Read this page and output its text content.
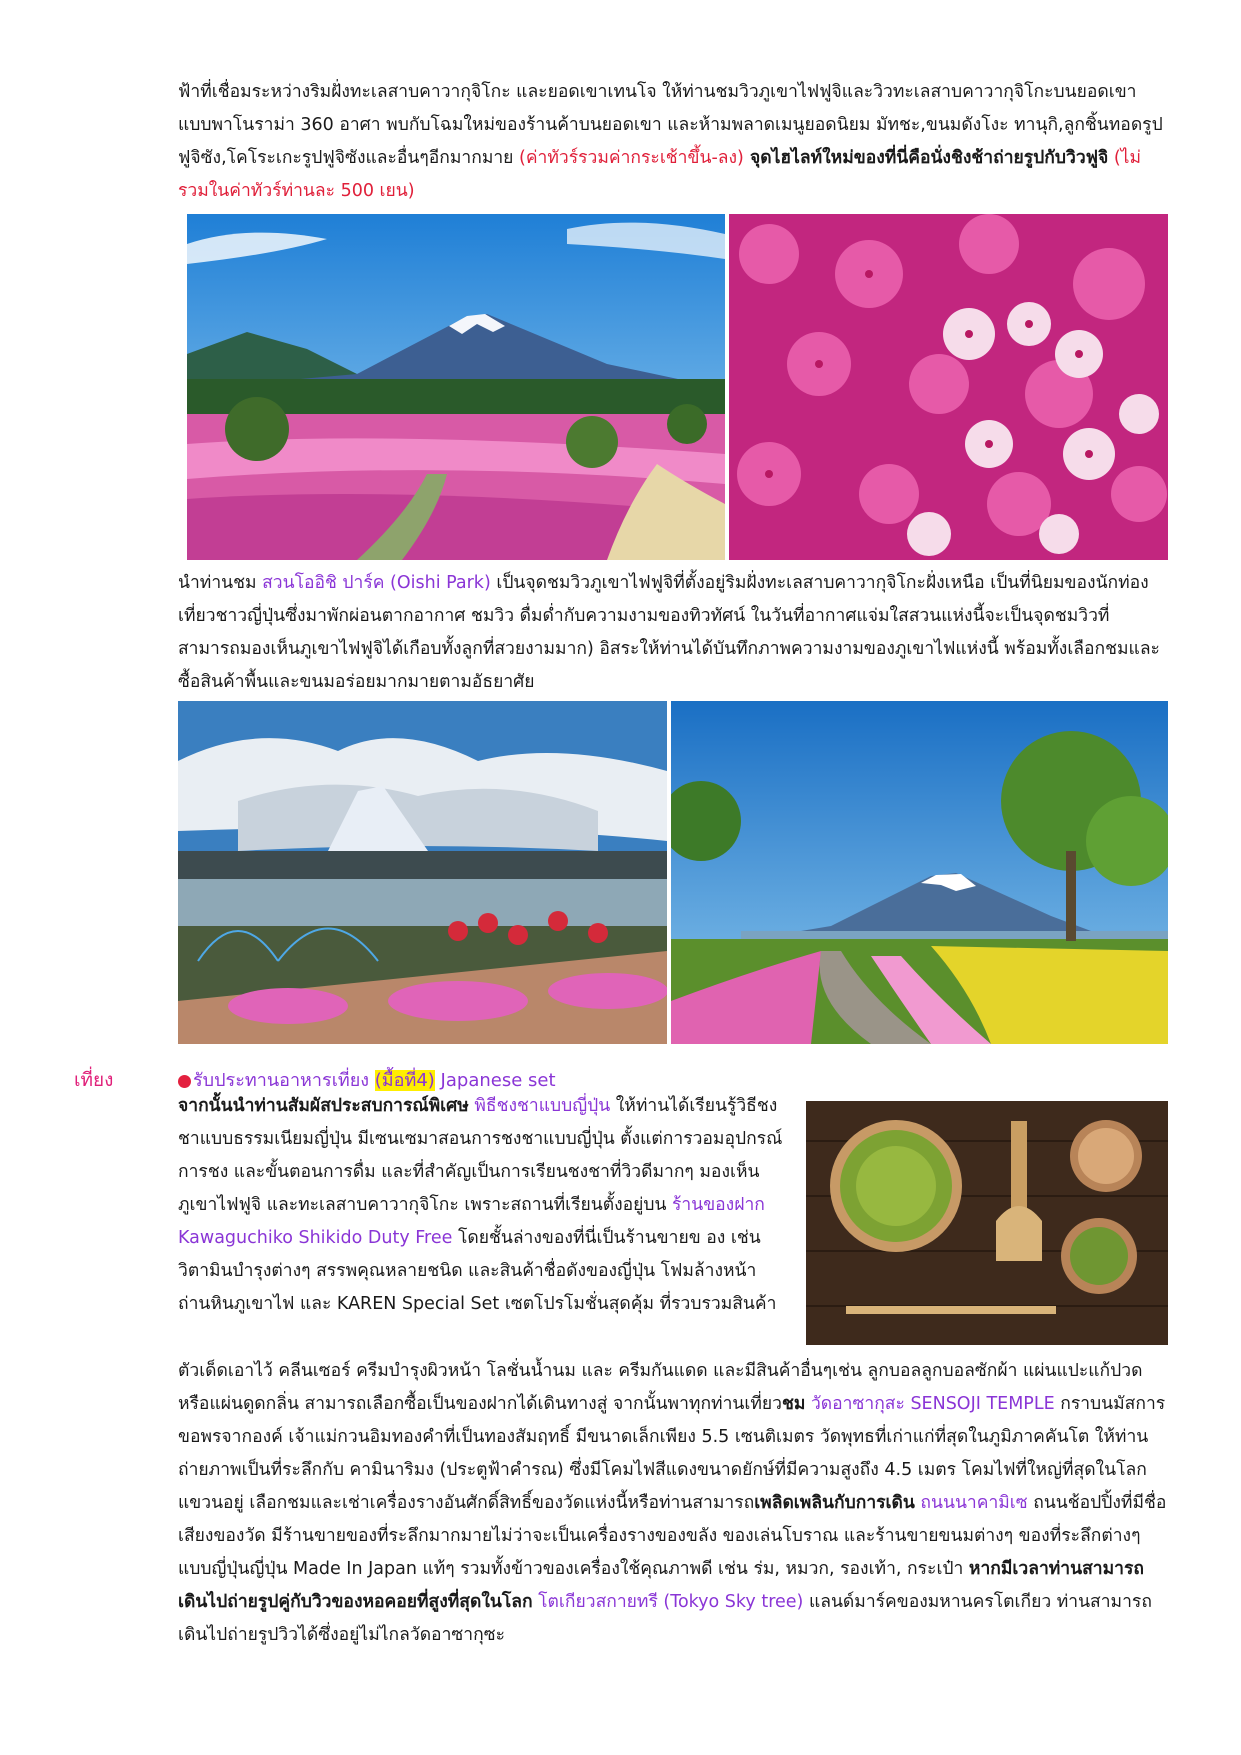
ฟ้าที่เชื่อมระหว่างริมฝั่งทะเลสาบคาวากุจิโกะ และยอดเขาเทนโจ ให้ท่านชมวิวภูเขาไฟฟูจิและวิวทะเลสาบคาวากุจิโกะบนยอดเขาแบบพาโนราม่า 360 อาศา พบกับโฉมใหม่ของร้านค้าบนยอดเขา และห้ามพลาดเมนูยอดนิยม มัทชะ,ขนมดังโงะ ทานุกิ,ลูกชิ้นทอดรูปฟูจิซัง,โคโระเกะรูปฟูจิซังและอื่นๆอีกมากมาย (ค่าทัวร์รวมค่ากระเช้าขึ้น-ลง) จุดไฮไลท์ใหม่ของที่นี่คือนั่งชิงช้าถ่ายรูปกับวิวฟูจิ (ไม่รวมในค่าทัวร์ท่านละ 500 เยน)

นำท่านชม สวนโออิชิ ปาร์ค (Oishi Park) เป็นจุดชมวิวภูเขาไฟฟูจิที่ตั้งอยู่ริมฝั่งทะเลสาบคาวากุจิโกะฝั่งเหนือ เป็นที่นิยมของนักท่องเที่ยวชาวญี่ปุ่นซึ่งมาพักผ่อนตากอากาศ ชมวิว ดื่มด่ำกับความงามของทิวทัศน์ ในวันที่อากาศแจ่มใสสวนแห่งนี้จะเป็นจุดชมวิวที่สามารถมองเห็นภูเขาไฟฟูจิได้เกือบทั้งลูกที่สวยงามมาก) อิสระให้ท่านได้บันทึกภาพความงามของภูเขาไฟแห่งนี้ พร้อมทั้งเลือกชมและซื้อสินค้าพื้นและขนมอร่อยมากมายตามอัธยาศัย

เที่ยง	รับประทานอาหารเที่ยง (มื้อที่4) Japanese set

จากนั้นนำท่านสัมผัสประสบการณ์พิเศษ พิธีชงชาแบบญี่ปุ่น ให้ท่านได้เรียนรู้วิธีชงชาแบบธรรมเนียมญี่ปุ่น มีเซนเซมาสอนการชงชาแบบญี่ปุ่น ตั้งแต่การวอมอุปกรณ์ การชง และขั้นตอนการดื่ม และที่สำคัญเป็นการเรียนชงชาที่วิวดีมากๆ มองเห็นภูเขาไฟฟูจิ และทะเลสาบคาวากุจิโกะ เพราะสถานที่เรียนตั้งอยู่บน ร้านของฝาก Kawaguchiko Shikido Duty Free โดยชั้นล่างของที่นี่เป็นร้านขายข อง เช่น วิตามินบำรุงต่างๆ สรรพคุณหลายชนิด และสินค้าชื่อดังของญี่ปุ่น โฟมล้างหน้าถ่านหินภูเขาไฟ และ KAREN Special Set เซตโปรโมชั่นสุดคุ้ม ที่รวบรวมสินค้า

ตัวเด็ดเอาไว้ คลีนเซอร์ ครีมบำรุงผิวหน้า โลชั่นน้ำนม และ ครีมกันแดด และมีสินค้าอื่นๆเช่น ลูกบอลลูกบอลซักผ้า แผ่นแปะแก้ปวด หรือแผ่นดูดกลิ่น สามารถเลือกซื้อเป็นของฝากได้เดินทางสู่ จากนั้นพาทุกท่านเที่ยวชม วัดอาซากุสะ SENSOJI TEMPLE กราบนมัสการขอพรจากองค์ เจ้าแม่กวนอิมทองคำที่เป็นทองสัมฤทธิ์ มีขนาดเล็กเพียง 5.5 เซนติเมตร วัดพุทธที่เก่าแก่ที่สุดในภูมิภาคคันโต ให้ท่านถ่ายภาพเป็นที่ระลึกกับ คามินาริมง (ประตูฟ้าคำรณ) ซึ่งมีโคมไฟสีแดงขนาดยักษ์ที่มีความสูงถึง 4.5 เมตร โคมไฟที่ใหญ่ที่สุดในโลกแขวนอยู่ เลือกชมและเช่าเครื่องรางอันศักดิ์สิทธิ์ของวัดแห่งนี้หรือท่านสามารถเพลิดเพลินกับการเดิน ถนนนาคามิเซ ถนนช้อปปิ้งที่มีชื่อเสียงของวัด มีร้านขายของที่ระลึกมากมายไม่ว่าจะเป็นเครื่องรางของขลัง ของเล่นโบราณ และร้านขายขนมต่างๆ ของที่ระลึกต่างๆแบบญี่ปุ่นญี่ปุ่น Made In Japan แท้ๆ รวมทั้งข้าวของเครื่องใช้คุณภาพดี เช่น ร่ม, หมวก, รองเท้า, กระเป๋า หากมีเวลาท่านสามารถเดินไปถ่ายรูปคู่กับวิวของหอคอยที่สูงที่สุดในโลก โตเกียวสกายทรี (Tokyo Sky tree) แลนด์มาร์คของมหานครโตเกียว ท่านสามารถเดินไปถ่ายรูปวิวได้ซึ่งอยู่ไม่ไกลวัดอาซากุซะ
